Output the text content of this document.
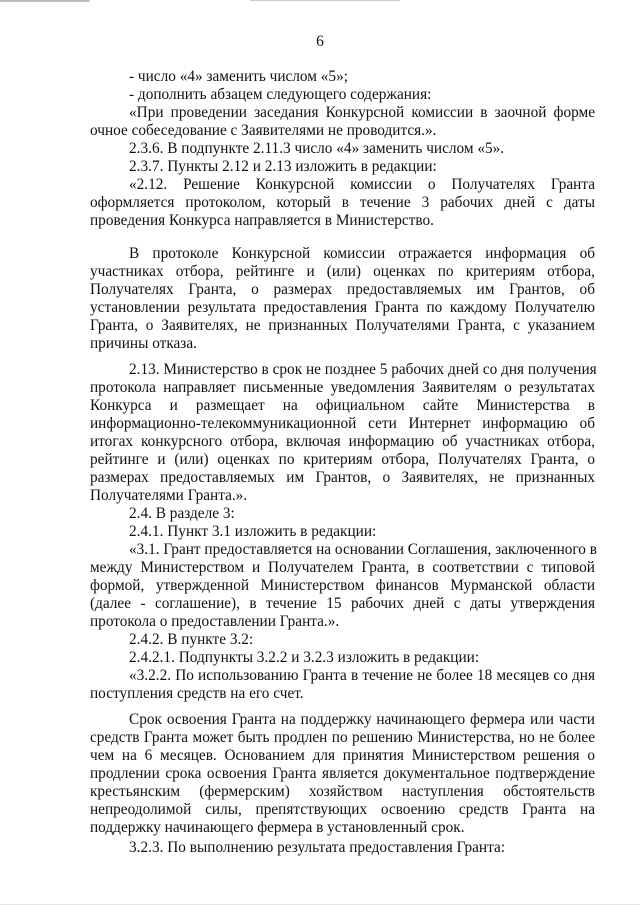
6
- число «4» заменить числом «5»;
- дополнить абзацем следующего содержания:
«При проведении заседания Конкурсной комиссии в заочной форме
очное собеседование с Заявителями не проводится.».
2.3.6. В подпункте 2.11.3 число «4» заменить числом «5».
2.3.7. Пункты 2.12 и 2.13 изложить в редакции:
«2.12. Решение Конкурсной комиссии о Получателях Гранта
оформляется протоколом, который в течение 3 рабочих дней с даты
проведения Конкурса направляется в Министерство.
В протоколе Конкурсной комиссии отражается информация об
участниках отбора, рейтинге и (или) оценках по критериям отбора,
Получателях Гранта, о размерах предоставляемых им Грантов, об
установлении результата предоставления Гранта по каждому Получателю
Гранта, о Заявителях, не признанных Получателями Гранта, с указанием
причины отказа.
2.13. Министерство в срок не позднее 5 рабочих дней со дня получения
протокола направляет письменные уведомления Заявителям о результатах
Конкурса и размещает на официальном сайте Министерства в
информационно-телекоммуникационной сети Интернет информацию об
итогах конкурсного отбора, включая информацию об участниках отбора,
рейтинге и (или) оценках по критериям отбора, Получателях Гранта, о
размерах предоставляемых им Грантов, о Заявителях, не признанных
Получателями Гранта.».
2.4. В разделе 3:
2.4.1. Пункт 3.1 изложить в редакции:
«3.1. Грант предоставляется на основании Соглашения, заключенного в
между Министерством и Получателем Гранта, в соответствии с типовой
формой, утвержденной Министерством финансов Мурманской области
(далее - соглашение), в течение 15 рабочих дней с даты утверждения
протокола о предоставлении Гранта.».
2.4.2. В пункте 3.2:
2.4.2.1. Подпункты 3.2.2 и 3.2.3 изложить в редакции:
«3.2.2. По использованию Гранта в течение не более 18 месяцев со дня
поступления средств на его счет.
Срок освоения Гранта на поддержку начинающего фермера или части
средств Гранта может быть продлен по решению Министерства, но не более
чем на 6 месяцев. Основанием для принятия Министерством решения о
продлении срока освоения Гранта является документальное подтверждение
крестьянским (фермерским) хозяйством наступления обстоятельств
непреодолимой силы, препятствующих освоению средств Гранта на
поддержку начинающего фермера в установленный срок.
3.2.3. По выполнению результата предоставления Гранта:
